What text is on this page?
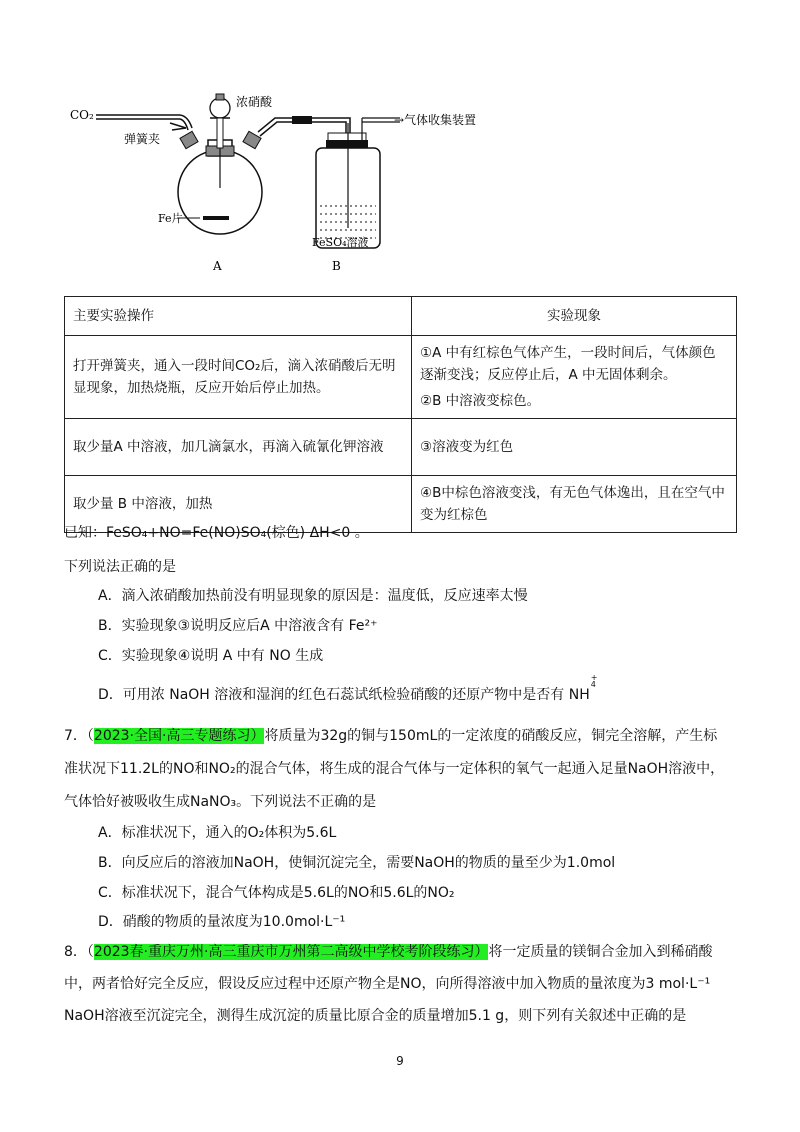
CO₂
弹簧夹
浓硝酸
Fe片
→气体收集装置
FeSO₄溶液
A	B
主要实验操作	实验现象
打开弹簧夹，通入一段时间CO₂后，滴入浓硝酸后无明显现象，加热烧瓶，反应开始后停止加热。	①A 中有红棕色气体产生，一段时间后，气体颜色逐渐变浅；反应停止后，A 中无固体剩余。
②B 中溶液变棕色。

取少量A 中溶液，加几滴氯水，再滴入硫氰化钾溶液	③溶液变为红色
取少量 B 中溶液，加热	④B中棕色溶液变浅，有无色气体逸出，且在空气中变为红棕色
已知：FeSO₄+NO=Fe(NO)SO₄(棕色) ΔH<0 。
下列说法正确的是
A．滴入浓硝酸加热前没有明显现象的原因是：温度低，反应速率太慢
B．实验现象③说明反应后A 中溶液含有 Fe²⁺
C．实验现象④说明 A 中有 NO 生成
D．可用浓 NaOH 溶液和湿润的红色石蕊试纸检验硝酸的还原产物中是否有 NH
+
4
7．（2023·全国·高三专题练习）将质量为32g的铜与150mL的一定浓度的硝酸反应，铜完全溶解，产生标
准状况下11.2L的NO和NO₂的混合气体，将生成的混合气体与一定体积的氧气一起通入足量NaOH溶液中，
气体恰好被吸收生成NaNO₃。下列说法不正确的是
A．标准状况下，通入的O₂体积为5.6L
B．向反应后的溶液加NaOH，使铜沉淀完全，需要NaOH的物质的量至少为1.0mol
C．标准状况下，混合气体构成是5.6L的NO和5.6L的NO₂
D．硝酸的物质的量浓度为10.0mol·L⁻¹
8．（2023春·重庆万州·高三重庆市万州第二高级中学校考阶段练习）将一定质量的镁铜合金加入到稀硝酸
中，两者恰好完全反应，假设反应过程中还原产物全是NO，向所得溶液中加入物质的量浓度为3 mol·L⁻¹
NaOH溶液至沉淀完全，测得生成沉淀的质量比原合金的质量增加5.1 g，则下列有关叙述中正确的是
9
